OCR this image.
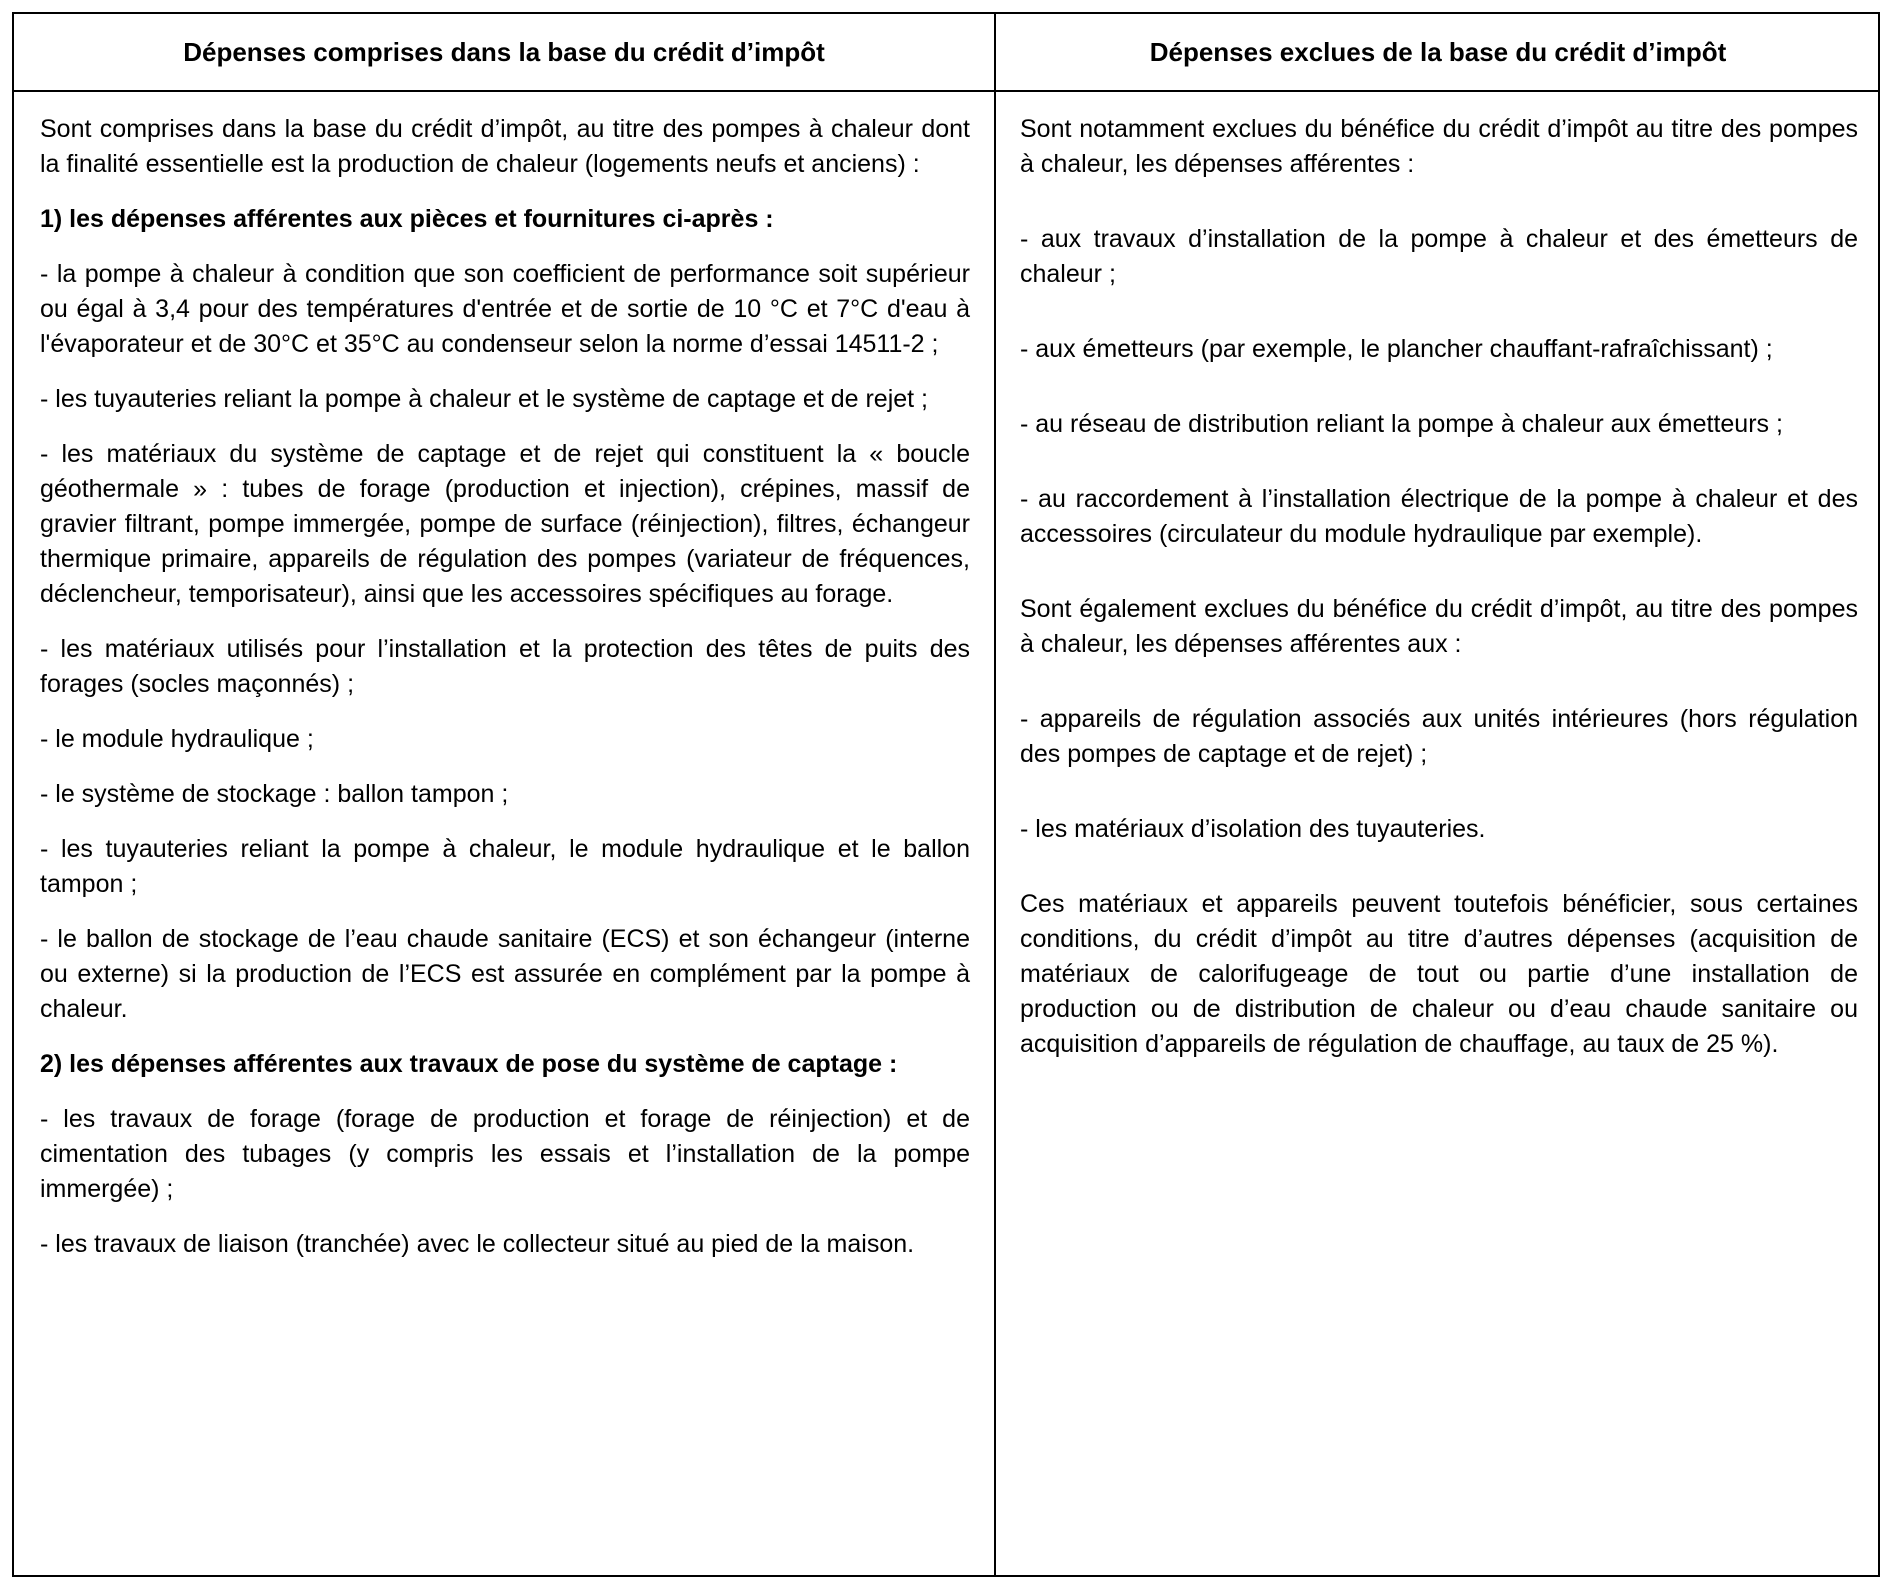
Dépenses comprises dans la base du crédit d’impôt	Dépenses exclues de la base du crédit d’impôt

Sont comprises dans la base du crédit d’impôt, au titre des pompes à chaleur dont la finalité essentielle est la production de chaleur (logements neufs et anciens) :

1) les dépenses afférentes aux pièces et fournitures ci-après :

- la pompe à chaleur à condition que son coefficient de performance soit supérieur ou égal à 3,4 pour des températures d'entrée et de sortie de 10 °C et 7°C d'eau à l'évaporateur et de 30°C et 35°C au condenseur selon la norme d’essai 14511-2 ;

- les tuyauteries reliant la pompe à chaleur et le système de captage et de rejet ;

- les matériaux du système de captage et de rejet qui constituent la « boucle géothermale » : tubes de forage (production et injection), crépines, massif de gravier filtrant, pompe immergée, pompe de surface (réinjection), filtres, échangeur thermique primaire, appareils de régulation des pompes (variateur de fréquences, déclencheur, temporisateur), ainsi que les accessoires spécifiques au forage.

- les matériaux utilisés pour l’installation et la protection des têtes de puits des forages (socles maçonnés) ;

- le module hydraulique ;

- le système de stockage : ballon tampon ;

- les tuyauteries reliant la pompe à chaleur, le module hydraulique et le ballon tampon ;

- le ballon de stockage de l’eau chaude sanitaire (ECS) et son échangeur (interne ou externe) si la production de l’ECS est assurée en complément par la pompe à chaleur.

2) les dépenses afférentes aux travaux de pose du système de captage :

- les travaux de forage (forage de production et forage de réinjection) et de cimentation des tubages (y compris les essais et l’installation de la pompe immergée) ;

- les travaux de liaison (tranchée) avec le collecteur situé au pied de la maison.

Sont notamment exclues du bénéfice du crédit d’impôt au titre des pompes à chaleur, les dépenses afférentes :

- aux travaux d’installation de la pompe à chaleur et des émetteurs de chaleur ;

- aux émetteurs (par exemple, le plancher chauffant-rafraîchissant) ;

- au réseau de distribution reliant la pompe à chaleur aux émetteurs ;

- au raccordement à l’installation électrique de la pompe à chaleur et des accessoires (circulateur du module hydraulique par exemple).

Sont également exclues du bénéfice du crédit d’impôt, au titre des pompes à chaleur, les dépenses afférentes aux :

- appareils de régulation associés aux unités intérieures (hors régulation des pompes de captage et de rejet) ;

- les matériaux d’isolation des tuyauteries.

Ces matériaux et appareils peuvent toutefois bénéficier, sous certaines conditions, du crédit d’impôt au titre d’autres dépenses (acquisition de matériaux de calorifugeage de tout ou partie d’une installation de production ou de distribution de chaleur ou d’eau chaude sanitaire ou acquisition d’appareils de régulation de chauffage, au taux de 25 %).
